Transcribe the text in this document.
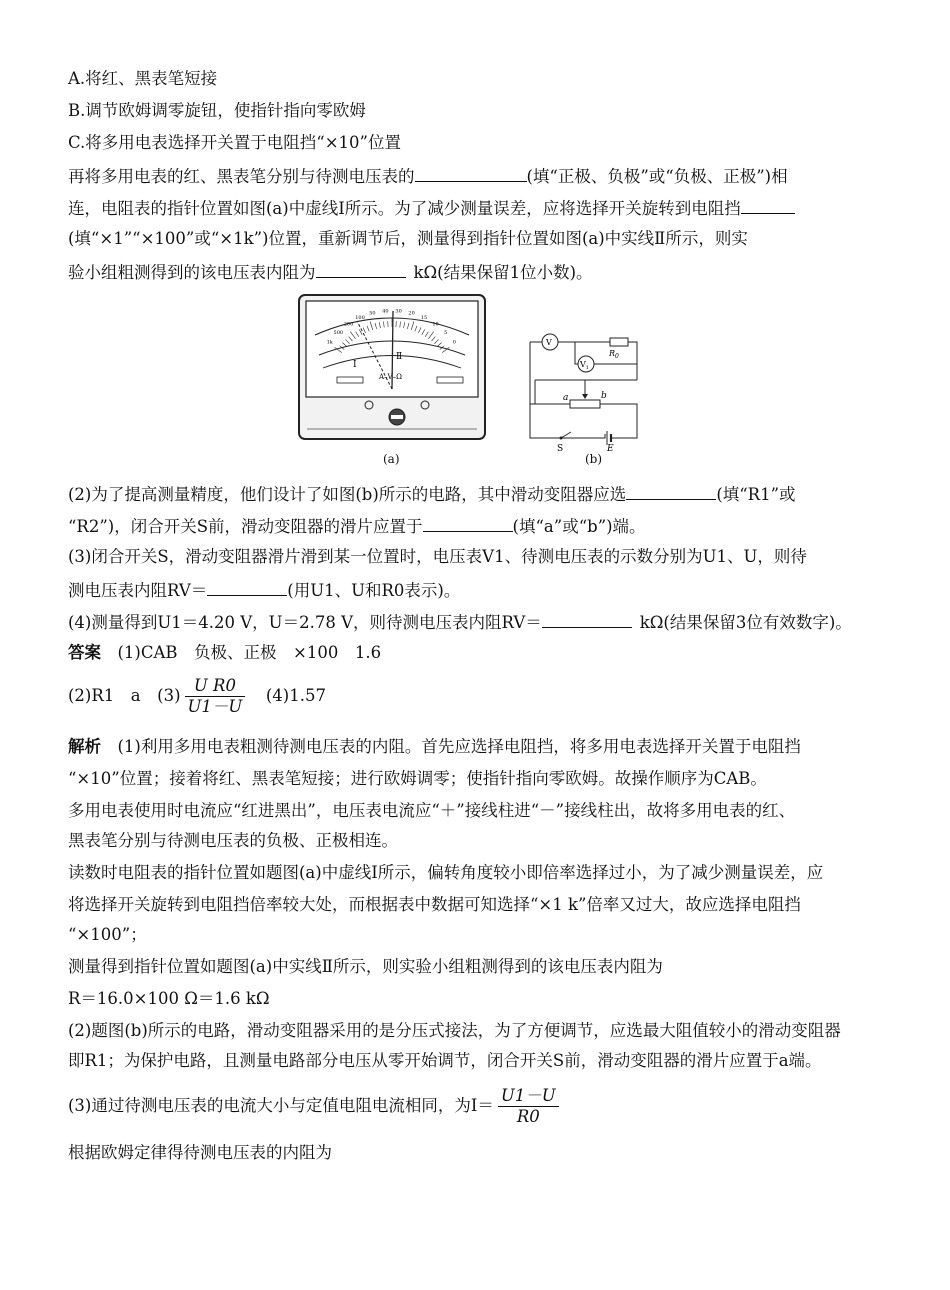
A.将红、黑表笔短接
B.调节欧姆调零旋钮，使指针指向零欧姆
C.将多用电表选择开关置于电阻挡“×10”位置
再将多用电表的红、黑表笔分别与待测电压表的	(填“正极、负极”或“负极、正极”)相
连，电阻表的指针位置如图(a)中虚线Ⅰ所示。为了减少测量误差，应将选择开关旋转到电阻挡
(填“×1”“×100”或“×1k”)位置，重新调节后，测量得到指针位置如图(a)中实线Ⅱ所示，则实
验小组粗测得到的该电压表内阻为	kΩ(结果保留1位小数)。
1k
500
200
100
50 40 30 20
15
10
5
0
Ⅰ
Ⅱ
A–V–Ω
(a)
V
$R_0$
$V_1$
a	b
S	E
(b)
(2)为了提高测量精度，他们设计了如图(b)所示的电路，其中滑动变阻器应选	(填“R1”或
“R2”)，闭合开关S前，滑动变阻器的滑片应置于	(填“a”或“b”)端。
(3)闭合开关S，滑动变阻器滑片滑到某一位置时，电压表V1、待测电压表的示数分别为U1、U，则待
测电压表内阻RV＝	(用U1、U和R0表示)。
(4)测量得到U1＝4.20 V，U＝2.78 V，则待测电压表内阻RV＝	kΩ(结果保留3位有效数字)。
答案　 (1)CAB　负极、正极　×100　1.6
(2)R1　a　$(3) \frac{\text{U R0}}{U1-U}$
　 (4)1.57
解析　 (1)利用多用电表粗测待测电压表的内阻。首先应选择电阻挡，将多用电表选择开关置于电阻挡
“×10”位置；接着将红、黑表笔短接；进行欧姆调零；使指针指向零欧姆。故操作顺序为CAB。
多用电表使用时电流应“红进黑出”，电压表电流应“＋”接线柱进“－”接线柱出，故将多用电表的红、
黑表笔分别与待测电压表的负极、正极相连。
读数时电阻表的指针位置如题图(a)中虚线Ⅰ所示，偏转角度较小即倍率选择过小，为了减少测量误差，应
将选择开关旋转到电阻挡倍率较大处，而根据表中数据可知选择“×1 k”倍率又过大，故应选择电阻挡
“×100”；
测量得到指针位置如题图(a)中实线Ⅱ所示，则实验小组粗测得到的该电压表内阻为
R＝16.0×100 Ω＝1.6 kΩ
(2)题图(b)所示的电路，滑动变阻器采用的是分压式接法，为了方便调节，应选最大阻值较小的滑动变阻器
即R1；为保护电路，且测量电路部分电压从零开始调节，闭合开关S前，滑动变阻器的滑片应置于a端。
(3)通过待测电压表的电流大小与定值电阻电流相同，为$I= \frac{U1-U}{R0}$
根据欧姆定律得待测电压表的内阻为
